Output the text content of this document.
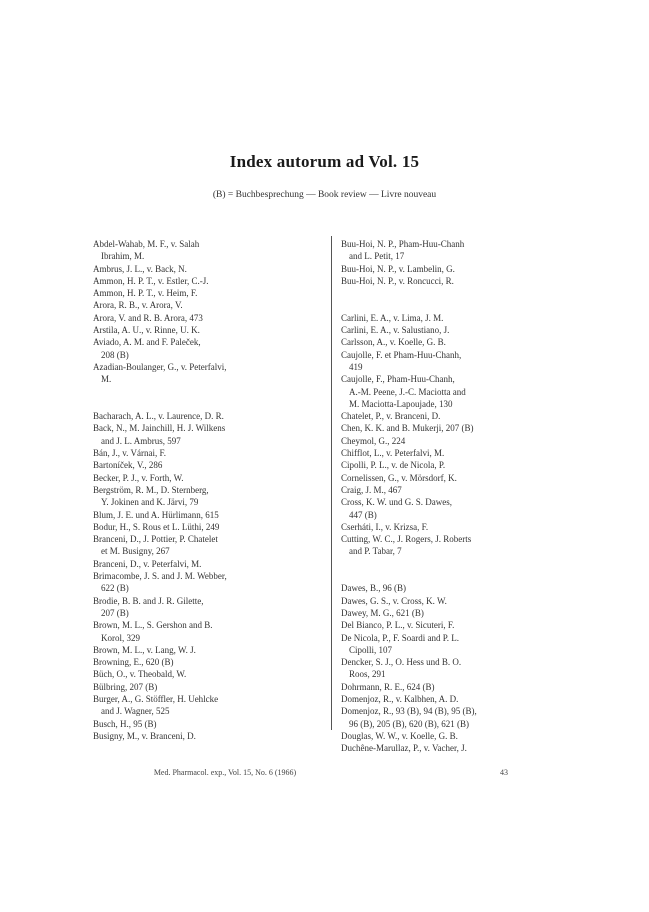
Index autorum ad Vol. 15
(B) = Buchbesprechung — Book review — Livre nouveau
Abdel-Wahab, M. F., v. Salah
Ibrahim, M.
Ambrus, J. L., v. Back, N.
Ammon, H. P. T., v. Estler, C.-J.
Ammon, H. P. T., v. Heim, F.
Arora, R. B., v. Arora, V.
Arora, V. and R. B. Arora, 473
Arstila, A. U., v. Rinne, U. K.
Aviado, A. M. and F. Paleček,
208 (B)
Azadian-Boulanger, G., v. Peterfalvi,
M.
Bacharach, A. L., v. Laurence, D. R.
Back, N., M. Jainchill, H. J. Wilkens
and J. L. Ambrus, 597
Bán, J., v. Várnai, F.
Bartoníček, V., 286
Becker, P. J., v. Forth, W.
Bergström, R. M., D. Sternberg,
Y. Jokinen and K. Järvi, 79
Blum, J. E. und A. Hürlimann, 615
Bodur, H., S. Rous et L. Lüthi, 249
Branceni, D., J. Pottier, P. Chatelet
et M. Busigny, 267
Branceni, D., v. Peterfalvi, M.
Brimacombe, J. S. and J. M. Webber,
622 (B)
Brodie, B. B. and J. R. Gilette,
207 (B)
Brown, M. L., S. Gershon and B.
Korol, 329
Brown, M. L., v. Lang, W. J.
Browning, E., 620 (B)
Büch, O., v. Theobald, W.
Bülbring, 207 (B)
Burger, A., G. Stöffler, H. Uehlcke
and J. Wagner, 525
Busch, H., 95 (B)
Busigny, M., v. Branceni, D.
Buu-Hoi, N. P., Pham-Huu-Chanh
and L. Petit, 17
Buu-Hoi, N. P., v. Lambelin, G.
Buu-Hoi, N. P., v. Roncucci, R.
Carlini, E. A., v. Lima, J. M.
Carlini, E. A., v. Salustiano, J.
Carlsson, A., v. Koelle, G. B.
Caujolle, F. et Pham-Huu-Chanh,
419
Caujolle, F., Pham-Huu-Chanh,
A.-M. Peene, J.-C. Maciotta and
M. Maciotta-Lapoujade, 130
Chatelet, P., v. Branceni, D.
Chen, K. K. and B. Mukerji, 207 (B)
Cheymol, G., 224
Chifflot, L., v. Peterfalvi, M.
Cipolli, P. L., v. de Nicola, P.
Cornelissen, G., v. Mörsdorf, K.
Craig, J. M., 467
Cross, K. W. und G. S. Dawes,
447 (B)
Cserháti, I., v. Krizsa, F.
Cutting, W. C., J. Rogers, J. Roberts
and P. Tabar, 7
Dawes, B., 96 (B)
Dawes, G. S., v. Cross, K. W.
Dawey, M. G., 621 (B)
Del Bianco, P. L., v. Sicuteri, F.
De Nicola, P., F. Soardi and P. L.
Cipolli, 107
Dencker, S. J., O. Hess und B. O.
Roos, 291
Dohrmann, R. E., 624 (B)
Domenjoz, R., v. Kalbhen, A. D.
Domenjoz, R., 93 (B), 94 (B), 95 (B),
96 (B), 205 (B), 620 (B), 621 (B)
Douglas, W. W., v. Koelle, G. B.
Duchêne-Marullaz, P., v. Vacher, J.
Med. Pharmacol. exp., Vol. 15, No. 6 (1966)	43
